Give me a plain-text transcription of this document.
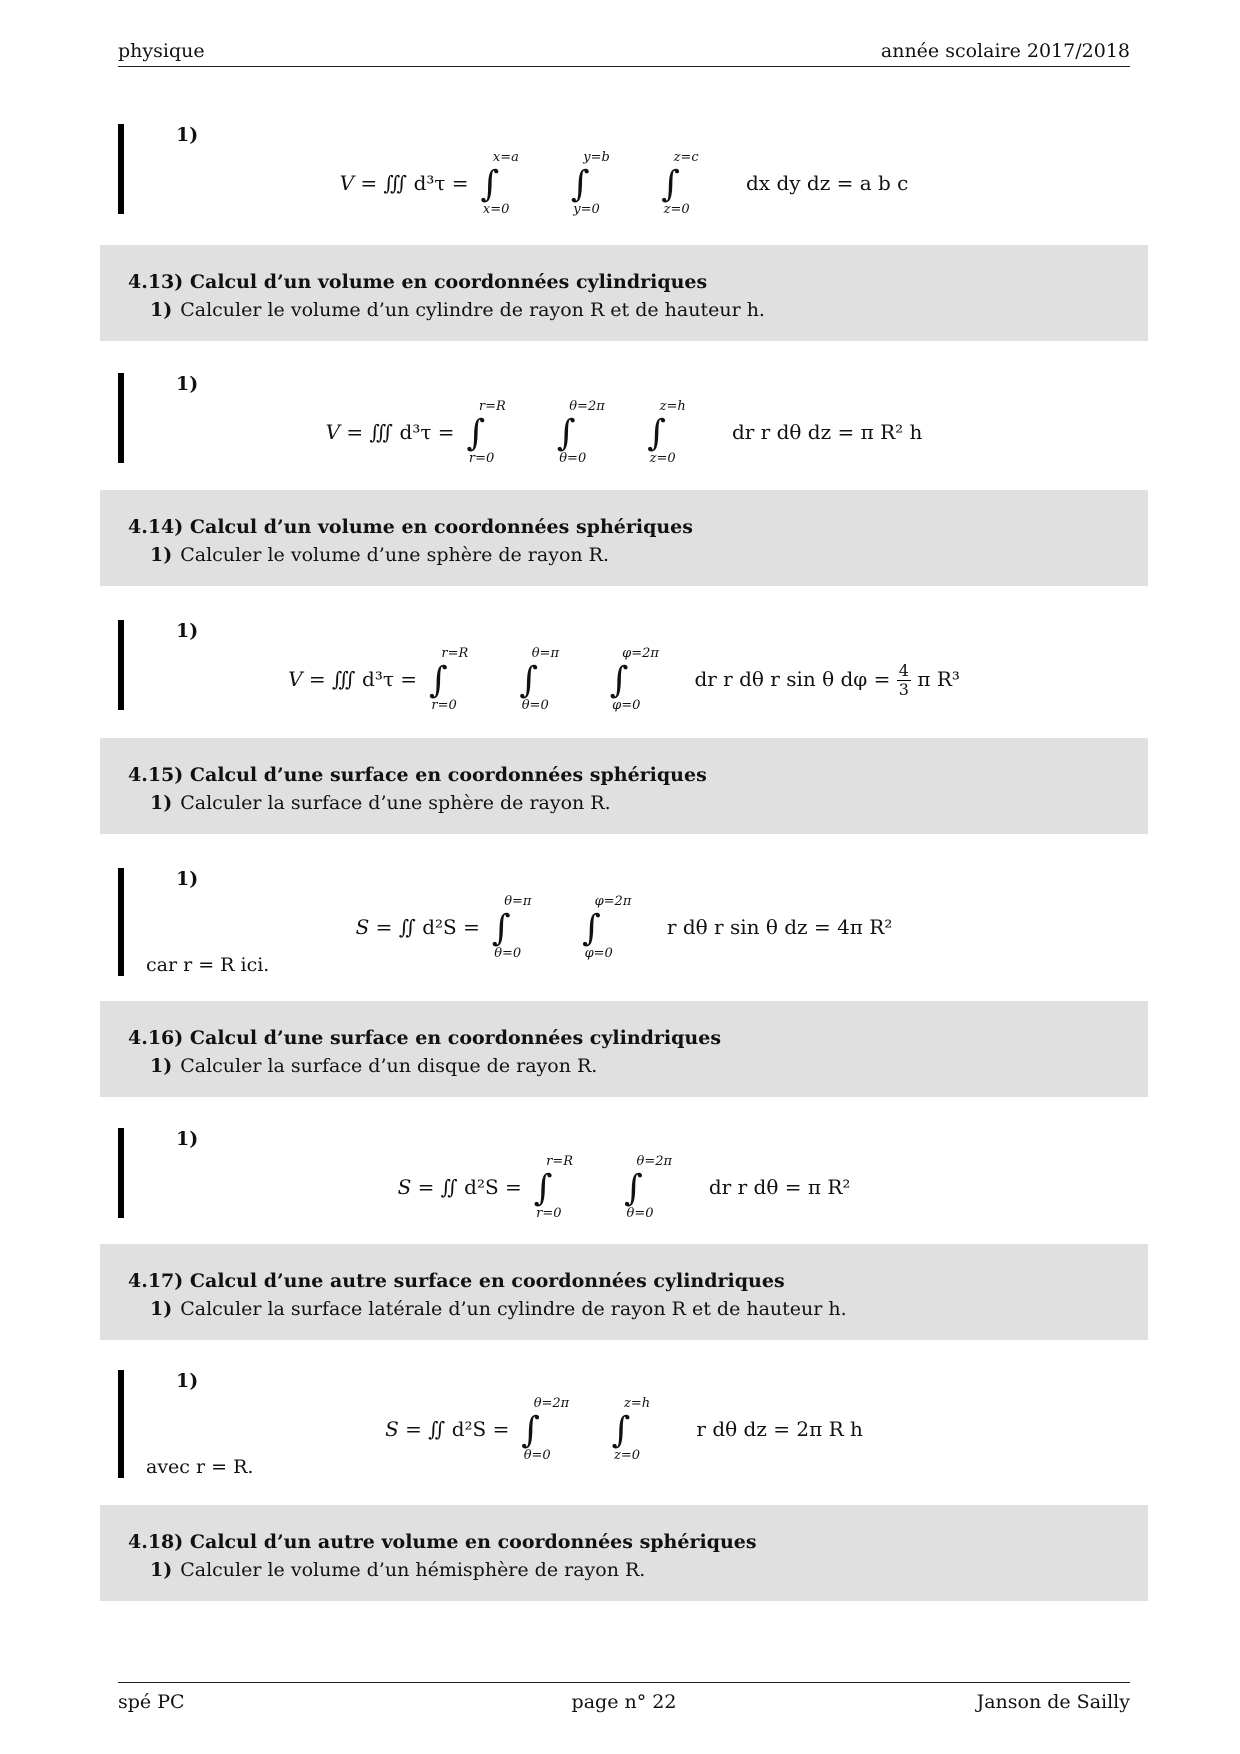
physique	année scolaire 2017/2018
1)
V = ∭ d³τ = ∫
x=a
x=0
∫
y=b
y=0
∫
z=c
z=0
dx dy dz = a b c
4.13) Calcul d’un volume en coordonnées cylindriques
1) Calculer le volume d’un cylindre de rayon R et de hauteur h.
1)
V = ∭ d³τ = ∫
r=R
r=0
∫
θ=2π
θ=0
∫
z=h
z=0
dr r dθ dz = π R² h
4.14) Calcul d’un volume en coordonnées sphériques
1) Calculer le volume d’une sphère de rayon R.
1)
V = ∭ d³τ = ∫
r=R
r=0
∫
θ=π
θ=0
∫
φ=2π
φ=0
dr r dθ r sin θ $d\varphi = \frac{4}{3}$ π R³
4.15) Calcul d’une surface en coordonnées sphériques
1) Calculer la surface d’une sphère de rayon R.
1)
S = ∬ d²S = ∫
θ=π
θ=0
∫
φ=2π
φ=0
r dθ r sin θ dz = 4π R²
car r = R ici.
4.16) Calcul d’une surface en coordonnées cylindriques
1) Calculer la surface d’un disque de rayon R.
1)
S = ∬ d²S = ∫
r=R
r=0
∫
θ=2π
θ=0
dr r dθ = π R²
4.17) Calcul d’une autre surface en coordonnées cylindriques
1) Calculer la surface latérale d’un cylindre de rayon R et de hauteur h.
1)
S = ∬ d²S = ∫
θ=2π
θ=0
∫
z=h
z=0
r dθ dz = 2π R h
avec r = R.
4.18) Calcul d’un autre volume en coordonnées sphériques
1) Calculer le volume d’un hémisphère de rayon R.
spé PC	page n° 22	Janson de Sailly
